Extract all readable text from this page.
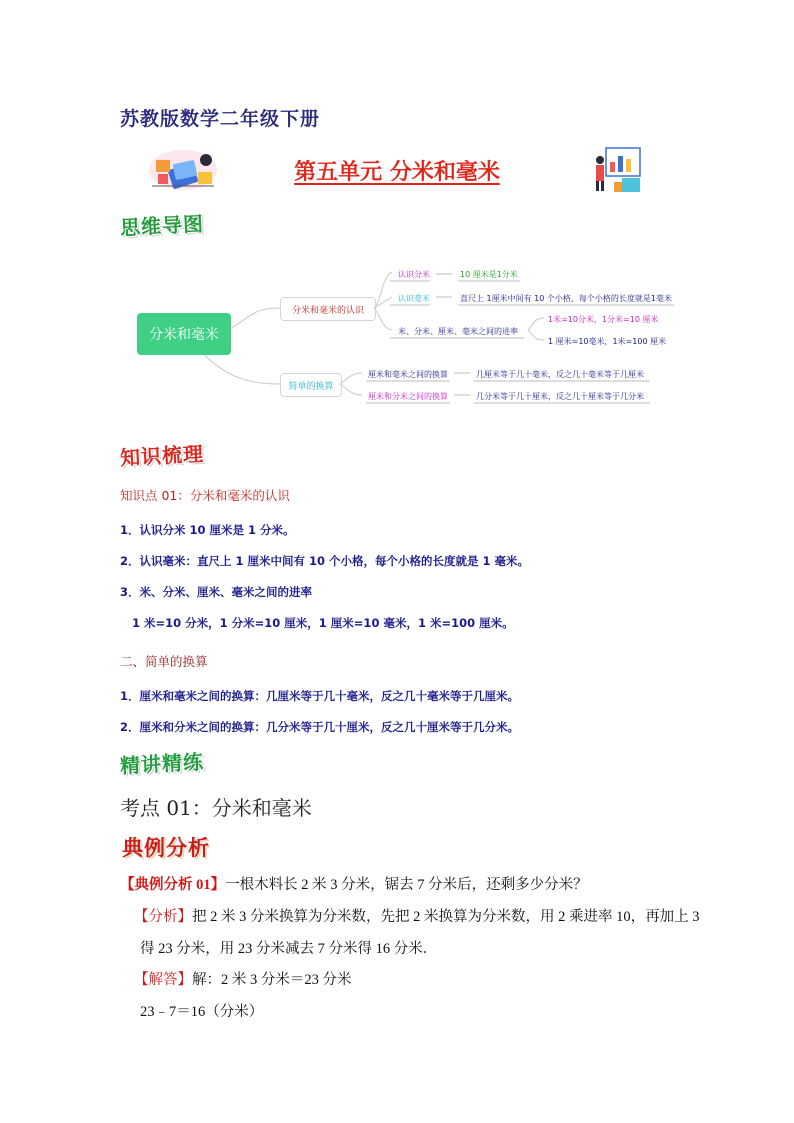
苏教版数学二年级下册
第五单元 分米和毫米
思维导图
分米和毫米
分米和毫米的认识
简单的换算
认识分米	10 厘米是1分米
认识毫米	直尺上 1厘米中间有 10 个小格，每个小格的长度就是1毫米
米、分米、厘米、毫米之间的进率
1米=10分米，1分米=10 厘米
1 厘米=10毫米，1米=100 厘米
厘米和毫米之间的换算	几厘米等于几十毫米，反之几十毫米等于几厘米
厘米和分米之间的换算	几分米等于几十厘米，反之几十厘米等于几分米
知识梳理
知识点 01：分米和毫米的认识
1．认识分米 10 厘米是 1 分米。
2．认识毫米：直尺上 1 厘米中间有 10 个小格，每个小格的长度就是 1 毫米。
3．米、分米、厘米、毫米之间的进率
1 米=10 分米，1 分米=10 厘米，1 厘米=10 毫米，1 米=100 厘米。
二、简单的换算
1．厘米和毫米之间的换算：几厘米等于几十毫米，反之几十毫米等于几厘米。
2．厘米和分米之间的换算：几分米等于几十厘米，反之几十厘米等于几分米。
精讲精练
考点 01：分米和毫米
典例分析
【典例分析 01】一根木料长 2 米 3 分米，锯去 7 分米后，还剩多少分米？
【分析】把 2 米 3 分米换算为分米数，先把 2 米换算为分米数，用 2 乘进率 10，再加上 3
得 23 分米，用 23 分米减去 7 分米得 16 分米．
【解答】解：2 米 3 分米＝23 分米
23﹣7＝16（分米）
